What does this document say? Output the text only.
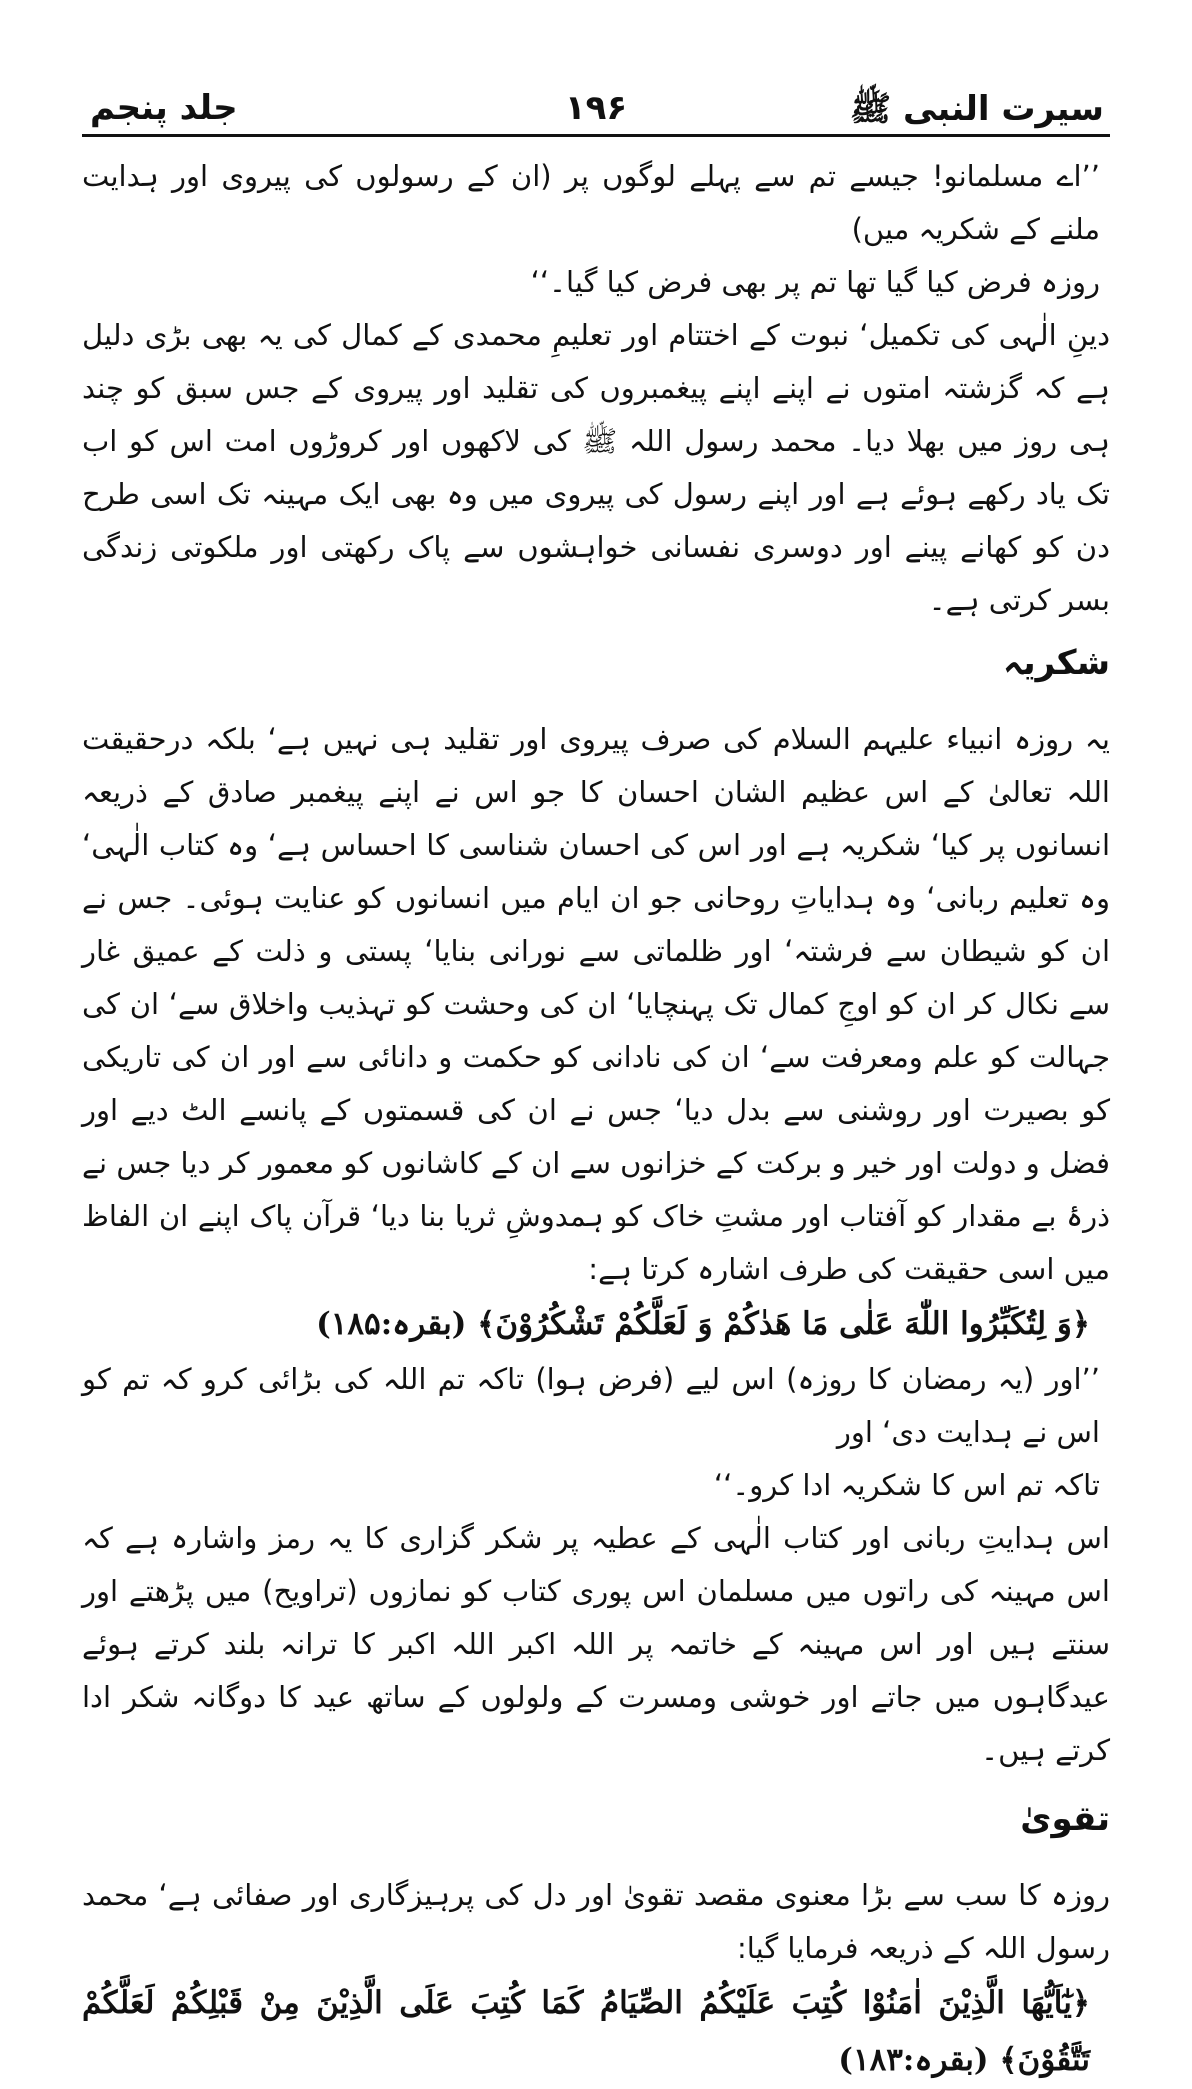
سیرت النبی ﷺ
۱۹۶
جلد پنجم

’’اے مسلمانو! جیسے تم سے پہلے لوگوں پر (ان کے رسولوں کی پیروی اور ہدایت ملنے کے شکریہ میں)

روزہ فرض کیا گیا تھا تم پر بھی فرض کیا گیا۔‘‘

دینِ الٰہی کی تکمیل‘ نبوت کے اختتام اور تعلیمِ محمدی کے کمال کی یہ بھی بڑی دلیل ہے کہ گزشتہ امتوں نے اپنے اپنے پیغمبروں کی تقلید اور پیروی کے جس سبق کو چند ہی روز میں بھلا دیا۔ محمد رسول اللہ ﷺ کی لاکھوں اور کروڑوں امت اس کو اب تک یاد رکھے ہوئے ہے اور اپنے رسول کی پیروی میں وہ بھی ایک مہینہ تک اسی طرح دن کو کھانے پینے اور دوسری نفسانی خواہشوں سے پاک رکھتی اور ملکوتی زندگی بسر کرتی ہے۔

شکریہ

یہ روزہ انبیاء علیہم السلام کی صرف پیروی اور تقلید ہی نہیں ہے‘ بلکہ درحقیقت اللہ تعالیٰ کے اس عظیم الشان احسان کا جو اس نے اپنے پیغمبر صادق کے ذریعہ انسانوں پر کیا‘ شکریہ ہے اور اس کی احسان شناسی کا احساس ہے‘ وہ کتاب الٰہی‘ وہ تعلیم ربانی‘ وہ ہدایاتِ روحانی جو ان ایام میں انسانوں کو عنایت ہوئی۔ جس نے ان کو شیطان سے فرشتہ‘ اور ظلماتی سے نورانی بنایا‘ پستی و ذلت کے عمیق غار سے نکال کر ان کو اوجِ کمال تک پہنچایا‘ ان کی وحشت کو تہذیب واخلاق سے‘ ان کی جہالت کو علم ومعرفت سے‘ ان کی نادانی کو حکمت و دانائی سے اور ان کی تاریکی کو بصیرت اور روشنی سے بدل دیا‘ جس نے ان کی قسمتوں کے پانسے الٹ دیے اور فضل و دولت اور خیر و برکت کے خزانوں سے ان کے کاشانوں کو معمور کر دیا جس نے ذرۂ بے مقدار کو آفتاب اور مشتِ خاک کو ہمدوشِ ثریا بنا دیا‘ قرآن پاک اپنے ان الفاظ میں اسی حقیقت کی طرف اشارہ کرتا ہے:

﴿وَ لِتُكَبِّرُوا اللّٰهَ عَلٰى مَا هَدٰكُمْ وَ لَعَلَّكُمْ تَشْكُرُوْنَ﴾ (بقرہ:۱۸۵)

’’اور (یہ رمضان کا روزہ) اس لیے (فرض ہوا) تاکہ تم اللہ کی بڑائی کرو کہ تم کو اس نے ہدایت دی‘ اور

تاکہ تم اس کا شکریہ ادا کرو۔‘‘

اس ہدایتِ ربانی اور کتاب الٰہی کے عطیہ پر شکر گزاری کا یہ رمز واشارہ ہے کہ اس مہینہ کی راتوں میں مسلمان اس پوری کتاب کو نمازوں (تراویح) میں پڑھتے اور سنتے ہیں اور اس مہینہ کے خاتمہ پر اللہ اکبر اللہ اکبر کا ترانہ بلند کرتے ہوئے عیدگاہوں میں جاتے اور خوشی ومسرت کے ولولوں کے ساتھ عید کا دوگانہ شکر ادا کرتے ہیں۔

تقویٰ

روزہ کا سب سے بڑا معنوی مقصد تقویٰ اور دل کی پرہیزگاری اور صفائی ہے‘ محمد رسول اللہ کے ذریعہ فرمایا گیا:

﴿يٰٓاَيُّهَا الَّذِيْنَ اٰمَنُوْا كُتِبَ عَلَيْكُمُ الصِّيَامُ كَمَا كُتِبَ عَلَى الَّذِيْنَ مِنْ قَبْلِكُمْ لَعَلَّكُمْ تَتَّقُوْنَ﴾ (بقرہ:۱۸۳)
